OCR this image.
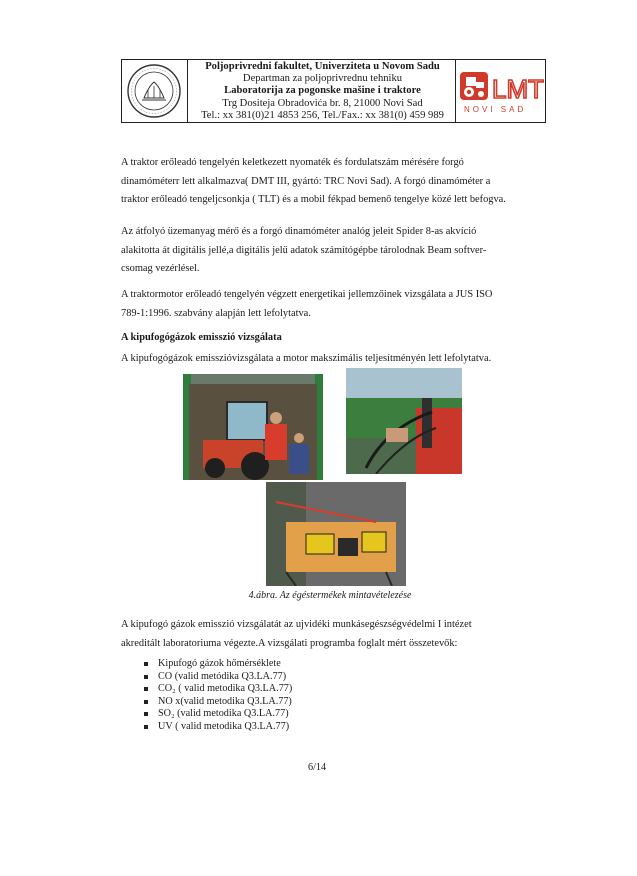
Poljoprivredni fakultet, Univerziteta u Novom Sadu
Departman za poljoprivrednu tehniku
Laboratorija za pogonske mašine i traktore
Trg Dositeja Obradovića br. 8, 21000 Novi Sad
Tel.: xx 381(0)21 4853 256, Tel./Fax.: xx 381(0) 459 989
LMT
NOVI SAD
A traktor erőleadó tengelyén keletkezett nyomaték és fordulatszám mérésére forgó
dinamóméterr lett alkalmazva( DMT III, gyártó: TRC Novi Sad). A forgó dinamóméter a
traktor erőleadó tengeljcsonkja ( TLT) és a mobil fékpad bemenő tengelye közé lett befogva.
Az átfolyó üzemanyag mérő és a forgó dinamóméter analóg jeleit Spider 8-as akvíció
alakitotta át digitális jellé,a digitális jelű adatok számítógépbe tárolodnak Beam softver-
csomag vezérlésel.
A traktormotor erőleadó tengelyén végzett energetikai jellemzőinek vizsgálata a JUS ISO
789-1:1996. szabvány alapján lett lefolytatva.
A kipufogógázok emisszió vizsgálata
A kipufogógázok emisszióvizsgálata a motor makszimális teljesítményén lett lefolytatva.
4.ábra. Az égéstermékek mintavételezése
A kipufogó gázok emisszió vizsgálatát az ujvidéki munkásegészségvédelmi I intézet
akreditált laboratoriuma végezte.A vizsgálati programba foglalt mért összetevők:
Kipufogó gázok hőmérséklete
CO (valid metódika Q3.LA.77)
CO₂ ( valid metodika Q3.LA.77)
NO x(valid metodika Q3.LA.77)
SO₂ (valid metodika Q3.LA.77)
UV ( valid metodika Q3.LA.77)
6/14
